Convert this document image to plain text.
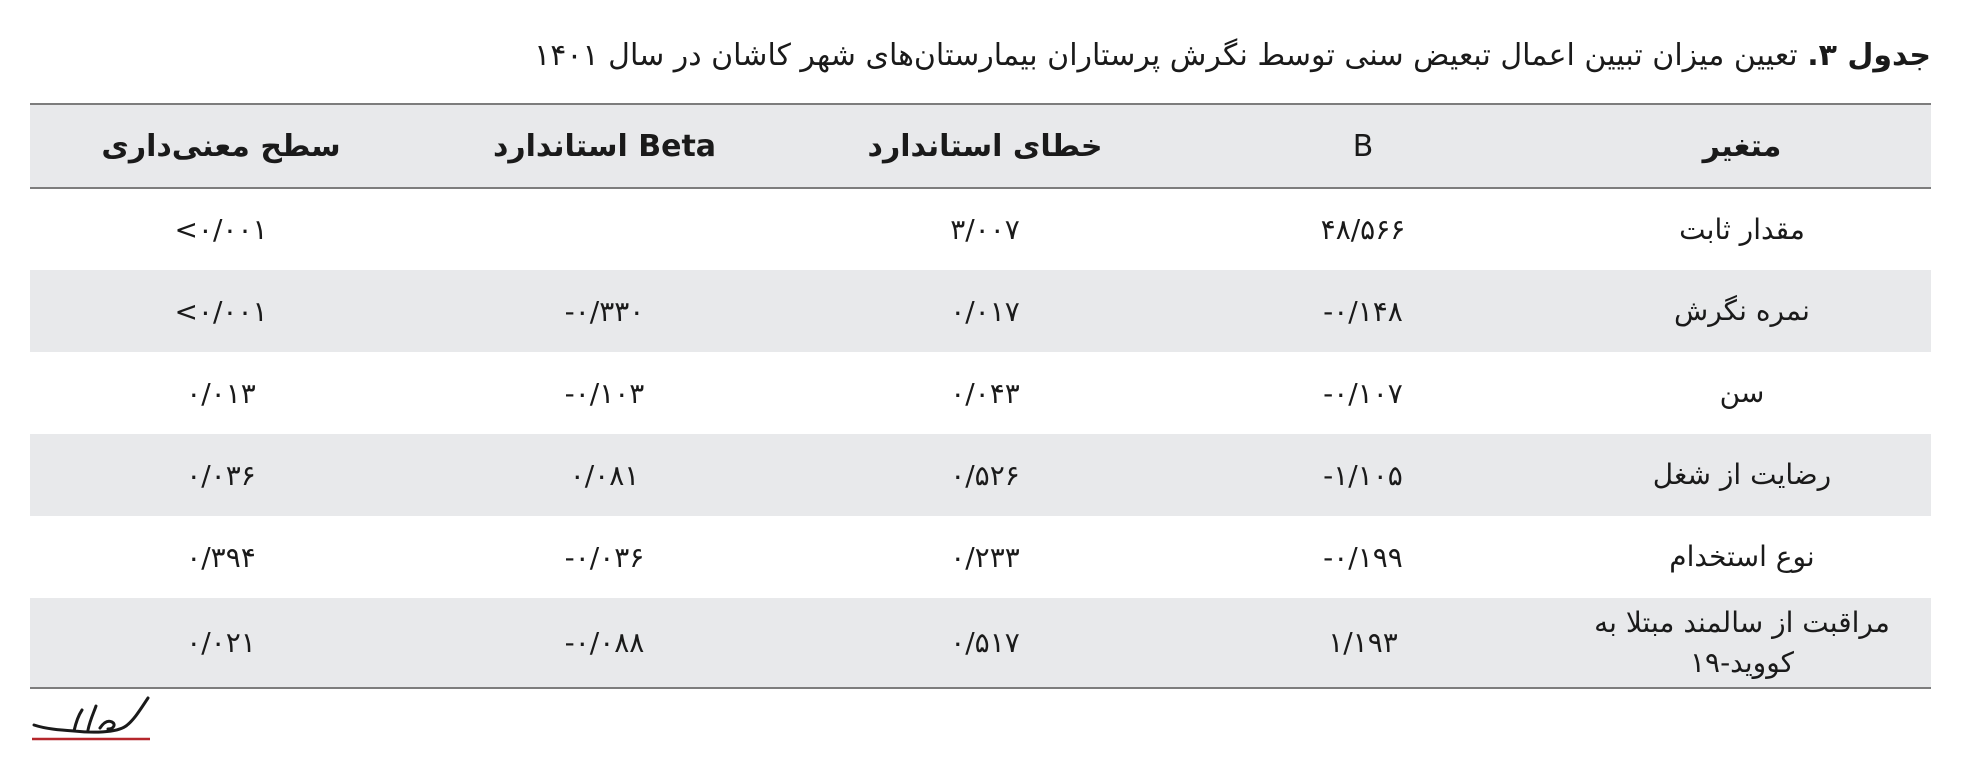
جدول ۳. تعیین میزان تبیین اعمال تبعیض سنی توسط نگرش پرستاران بیمارستان‌های شهر کاشان در سال ۱۴۰۱
متغیر	B	خطای استاندارد	Beta استاندارد	سطح معنی‌داری
مقدار ثابت	۴۸/۵۶۶	۳/۰۰۷		<۰/۰۰۱
نمره نگرش	-۰/۱۴۸	۰/۰۱۷	-۰/۳۳۰	<۰/۰۰۱
سن	-۰/۱۰۷	۰/۰۴۳	-۰/۱۰۳	۰/۰۱۳
رضایت از شغل	-۱/۱۰۵	۰/۵۲۶	۰/۰۸۱	۰/۰۳۶
نوع استخدام	-۰/۱۹۹	۰/۲۳۳	-۰/۰۳۶	۰/۳۹۴
مراقبت از سالمند مبتلا به کووید-۱۹	۱/۱۹۳	۰/۵۱۷	-۰/۰۸۸	۰/۰۲۱
